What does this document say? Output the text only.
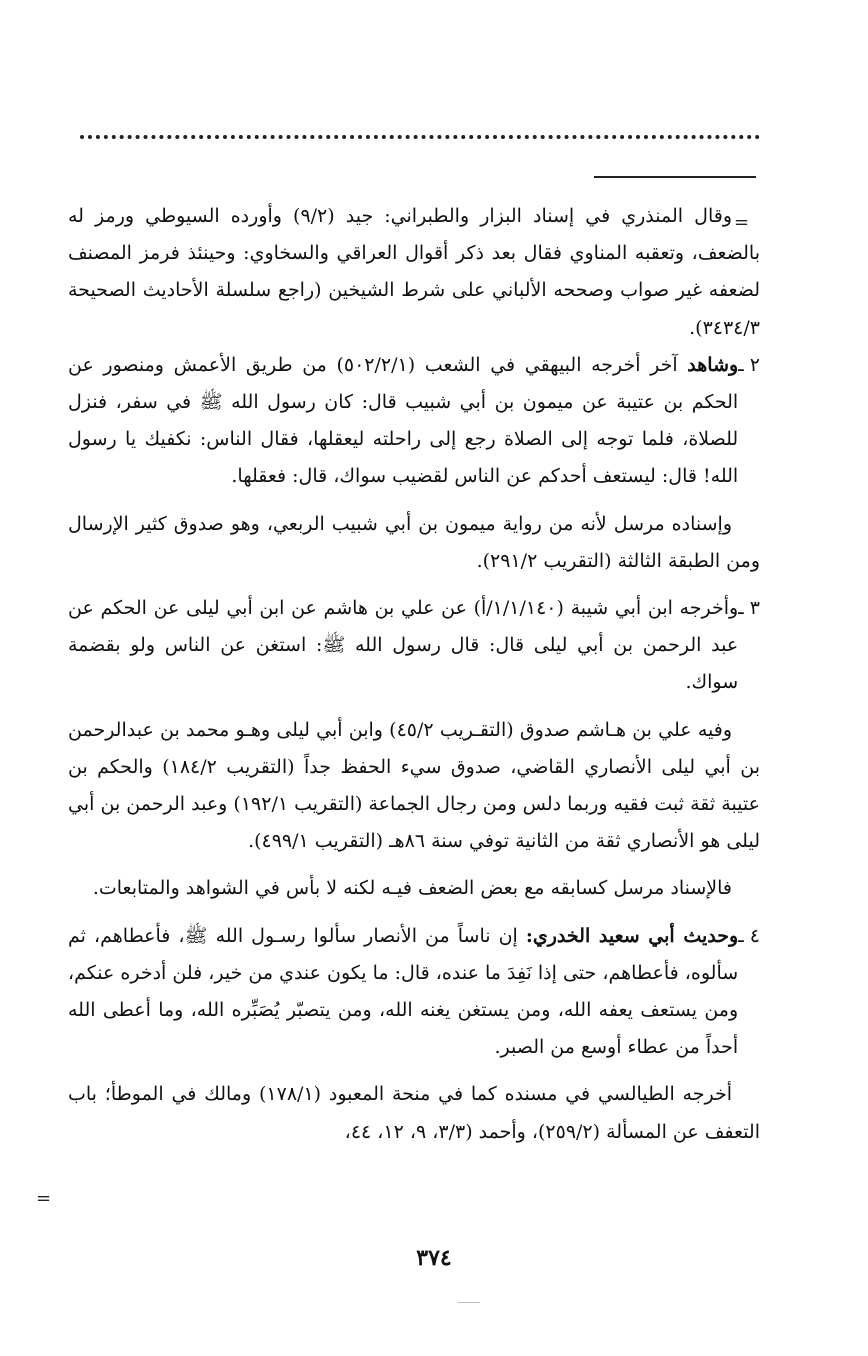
=

وقال المنذري في إسناد البزار والطبراني: جيد (٩/٢) وأورده السيوطي ورمز له بالضعف، وتعقبه المناوي فقال بعد ذكر أقوال العراقي والسخاوي: وحينئذ فرمز المصنف لضعفه غير صواب وصححه الألباني على شرط الشيخين (راجع سلسلة الأحاديث الصحيحة ٣٤٣٤/٣).

٢ ـ
وشاهد آخر أخرجه البيهقي في الشعب (٥٠٢/٢/١) من طريق الأعمش ومنصور عن الحكم بن عتيبة عن ميمون بن أبي شبيب قال: كان رسول الله ﷺ في سفر، فنزل للصلاة، فلما توجه إلى الصلاة رجع إلى راحلته ليعقلها، فقال الناس: نكفيك يا رسول الله! قال: ليستعف أحدكم عن الناس لقضيب سواك، قال: فعقلها.

وإسناده مرسل لأنه من رواية ميمون بن أبي شبيب الربعي، وهو صدوق كثير الإرسال ومن الطبقة الثالثة (التقريب ٢٩١/٢).

٣ ـ
وأخرجه ابن أبي شيبة (١/١/١٤٠/أ) عن علي بن هاشم عن ابن أبي ليلى عن الحكم عن عبد الرحمن بن أبي ليلى قال: قال رسول الله ﷺ: استغن عن الناس ولو بقضمة سواك.

وفيه علي بن هـاشم صدوق (التقـريب ٤٥/٢) وابن أبي ليلى وهـو محمد بن عبدالرحمن بن أبي ليلى الأنصاري القاضي، صدوق سيء الحفظ جداً (التقريب ١٨٤/٢) والحكم بن عتيبة ثقة ثبت فقيه وربما دلس ومن رجال الجماعة (التقريب ١٩٢/١) وعبد الرحمن بن أبي ليلى هو الأنصاري ثقة من الثانية توفي سنة ٨٦هـ (التقريب ٤٩٩/١).

فالإسناد مرسل كسابقه مع بعض الضعف فيـه لكنه لا بأس في الشواهد والمتابعات.

٤ ـ
وحديث أبي سعيد الخدري: إن ناساً من الأنصار سألوا رسـول الله ﷺ، فأعطاهم، ثم سألوه، فأعطاهم، حتى إذا نَفِدَ ما عنده، قال: ما يكون عندي من خير، فلن أدخره عنكم، ومن يستعف يعفه الله، ومن يستغن يغنه الله، ومن يتصبّر يُصَبِّره الله، وما أعطى الله أحداً من عطاء أوسع من الصبر.

أخرجه الطيالسي في مسنده كما في منحة المعبود (١٧٨/١) ومالك في الموطأ؛ باب التعفف عن المسألة (٢٥٩/٢)، وأحمد (٣/٣، ٩، ١٢، ٤٤،

=
٣٧٤
